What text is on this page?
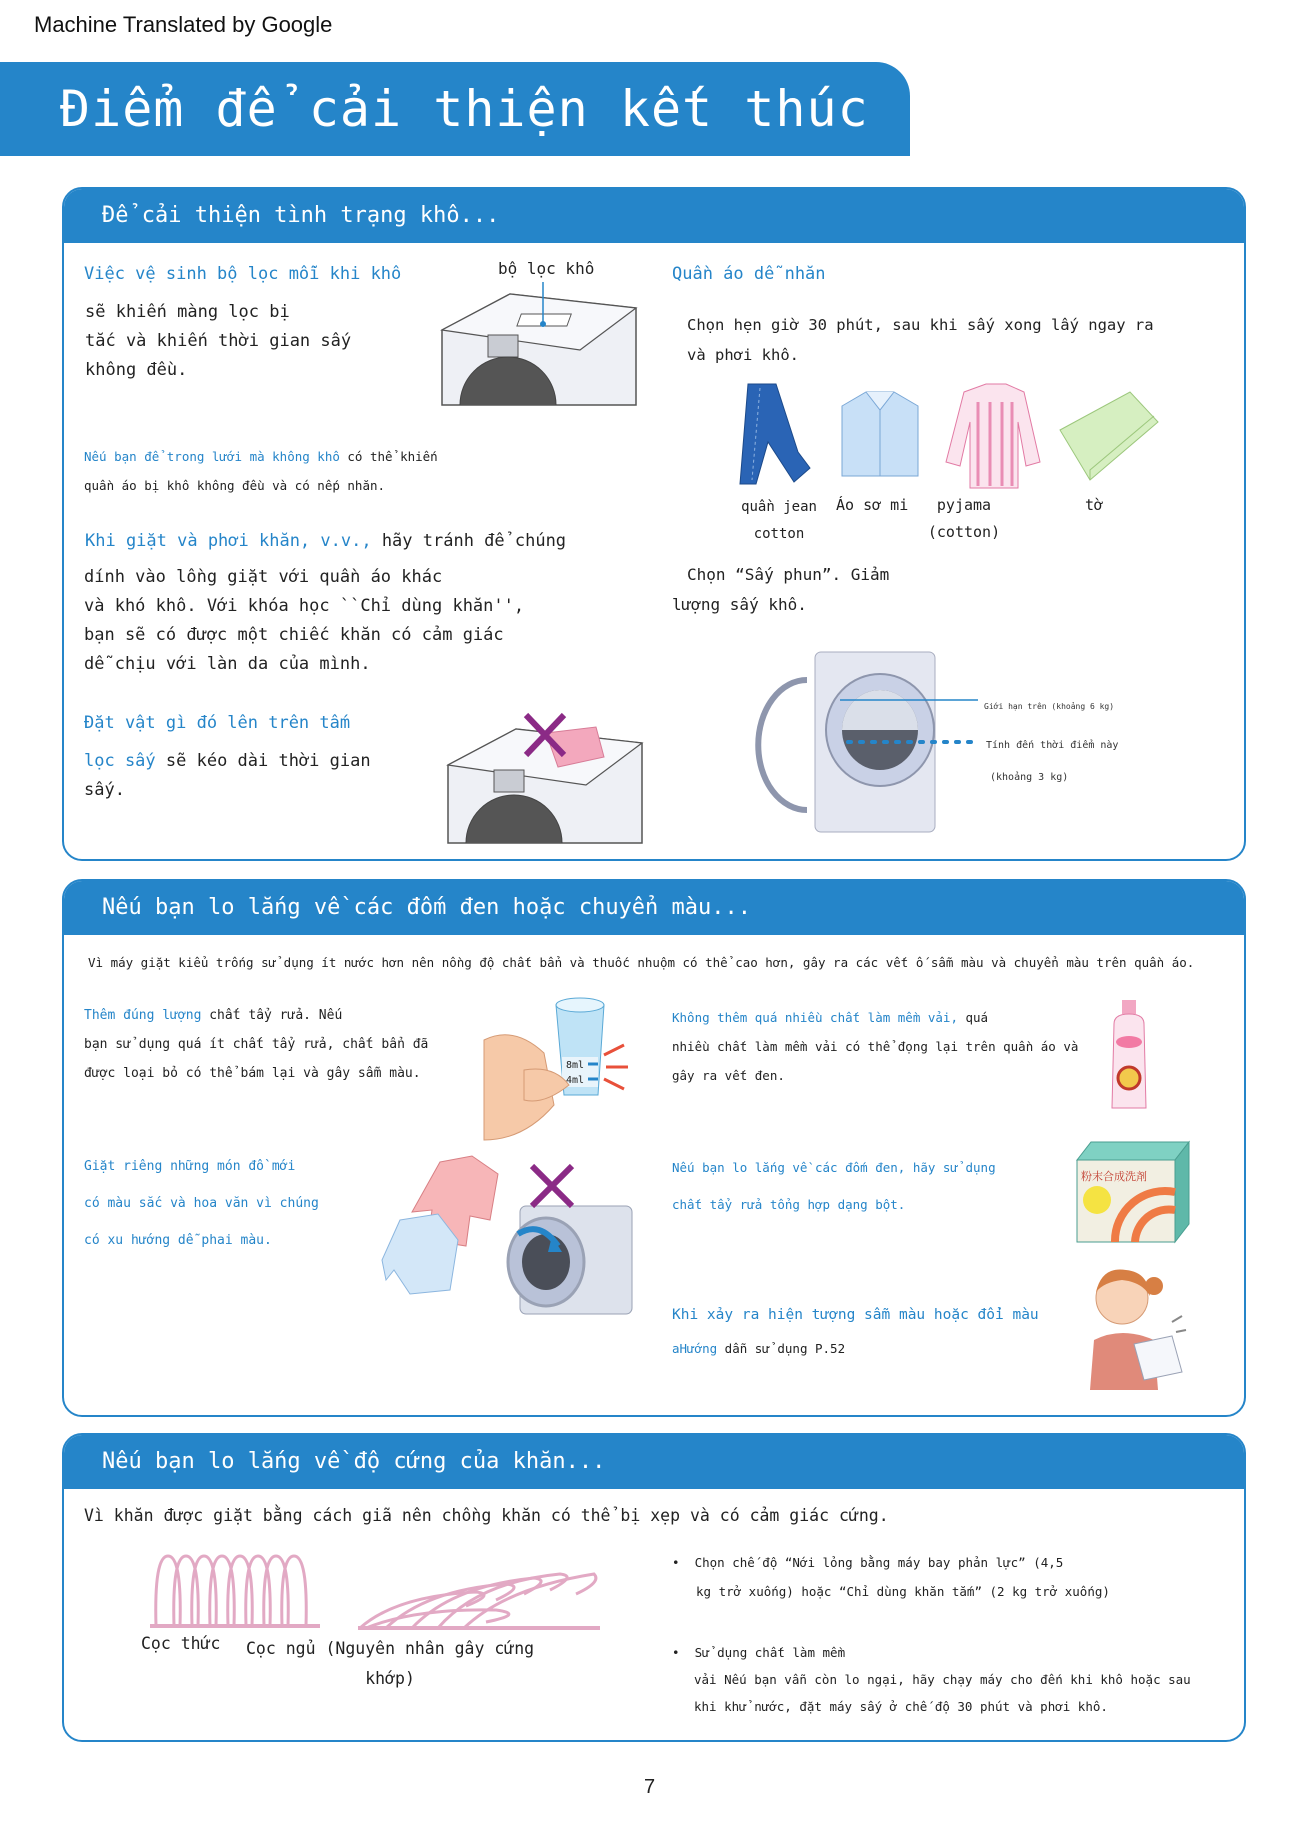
Machine Translated by Google
Điểm để cải thiện kết thúc
Để cải thiện tình trạng khô...
Việc vệ sinh bộ lọc mỗi khi khô
sẽ khiến màng lọc bị
tắc và khiến thời gian sấy
không đều.
bộ lọc khô
Nếu bạn để trong lưới mà không khô có thể khiến
quần áo bị khô không đều và có nếp nhăn.
Khi giặt và phơi khăn, v.v., hãy tránh để chúng
dính vào lồng giặt với quần áo khác
và khó khô. Với khóa học ``Chỉ dùng khăn'',
bạn sẽ có được một chiếc khăn có cảm giác
dễ chịu với làn da của mình.
Đặt vật gì đó lên trên tấm
lọc sấy sẽ kéo dài thời gian
sấy.
Quần áo dễ nhăn
Chọn hẹn giờ 30 phút, sau khi sấy xong lấy ngay ra
và phơi khô.
quần jean
cotton
Áo sơ mi	pyjama
(cotton)
tờ
Chọn “Sấy phun”. Giảm
lượng sấy khô.
Giới hạn trên (khoảng 6 kg)
Tính đến thời điểm này
(khoảng 3 kg)
Nếu bạn lo lắng về các đốm đen hoặc chuyển màu...
Vì máy giặt kiểu trống sử dụng ít nước hơn nên nồng độ chất bẩn và thuốc nhuộm có thể cao hơn, gây ra các vết ố sẫm màu và chuyển màu trên quần áo.
Thêm đúng lượng chất tẩy rửa. Nếu
bạn sử dụng quá ít chất tẩy rửa, chất bẩn đã
được loại bỏ có thể bám lại và gây sẫm màu.
8ml
4ml
Không thêm quá nhiều chất làm mềm vải, quá
nhiều chất làm mềm vải có thể đọng lại trên quần áo và
gây ra vết đen.
Giặt riêng những món đồ mới
có màu sắc và hoa văn vì chúng
có xu hướng dễ phai màu.
Nếu bạn lo lắng về các đốm đen, hãy sử dụng
chất tẩy rửa tổng hợp dạng bột.
粉末合成洗剤
Khi xảy ra hiện tượng sẫm màu hoặc đổi màu
aHướng dẫn sử dụng P.52
Nếu bạn lo lắng về độ cứng của khăn...
Vì khăn được giặt bằng cách giã nên chồng khăn có thể bị xẹp và có cảm giác cứng.
Cọc thức Cọc ngủ (Nguyên nhân gây cứng
khớp)
•  Chọn chế độ “Nới lỏng bằng máy bay phản lực” (4,5
kg trở xuống) hoặc “Chỉ dùng khăn tắm” (2 kg trở xuống)
•  Sử dụng chất làm mềm
vải Nếu bạn vẫn còn lo ngại, hãy chạy máy cho đến khi khô hoặc sau
khi khử nước, đặt máy sấy ở chế độ 30 phút và phơi khô.
7
